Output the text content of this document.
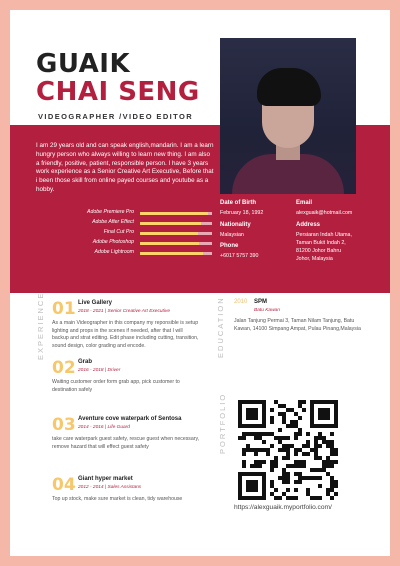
GUAIK
CHAI SENG
VIDEOGRAPHER /VIDEO EDITOR
I am 29 years old and can speak english,mandarin. I am a learn hungry person who always willing to learn new thing. I am also a friendly, positive, patient, responsible person. I have 3 years work experience as a Senior Creative Art Executive, Before that i been those skill from online payed courses and youtube as a hobby.
Adobe Premiere Pro
Adobe After Effect
Final Cut Pro
Adobe Photoshop
Adobe Lightroom
Date of Birth
February 18, 1992
Nationality
Malaysian
Phone
+6017 5757 390
Email
alexguaik@hotmail.com
Address
Persiaran Indah Utama,
Taman Bukit Indah 2,
81200 Johor Bahru
Johor, Malaysia
EXPERIENCE	EDUCATION
PORTFOLIO
01 Live Gallery
2018 - 2021 | Senior Creative Art Executive
As a main Videographer in this company my reponsible is setup lighting and props in the scenes if needed, after that I will backup and strat editing. Edit phase including cutting, transition, sound design, color grading and encode.
02 Grab
2016 - 2018 | Driver
Waiting customer order form grab app, pick customer to destination safely
03 Aventure cove waterpark of Sentosa
2014 - 2016 | Life Guard
take care waterpark guest safety, rescue guest when necessary, remove hazard that will effect guest safety
04 Giant hyper market
2012 - 2014 | Sales Assistans
Top up stock, make sure market is clean, tidy warehouse
2010 SPM
Batu Kawan
Jalan Tanjung Permai 3, Taman Nilam Tanjung, Batu Kawan, 14100 Simpang Ampat, Pulau Pinang,Malaysia
https://alexguaik.myportfolio.com/
